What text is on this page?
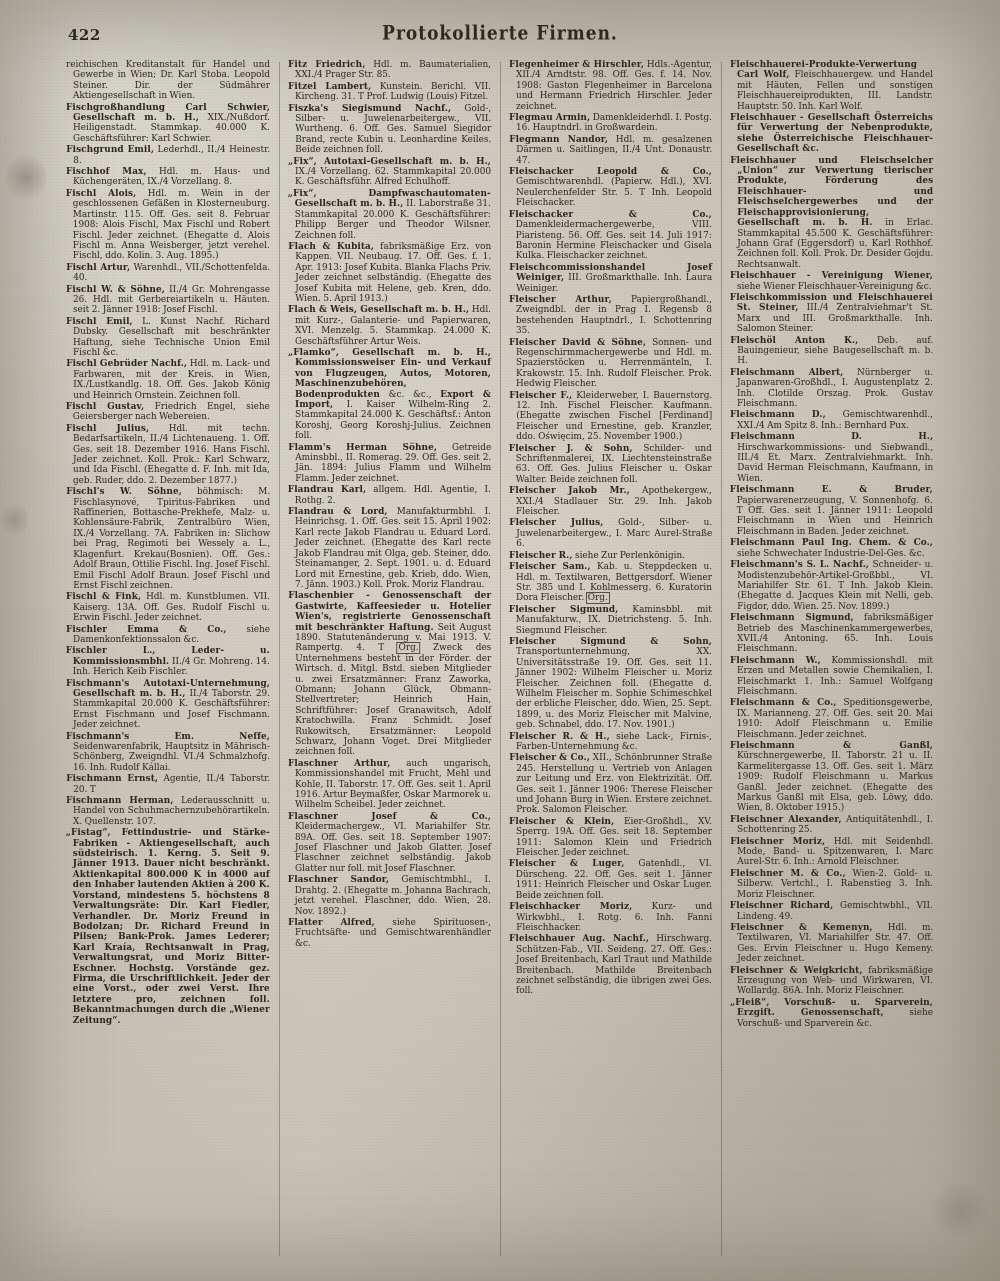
422	Protokollierte Firmen.

reichischen Kreditanstalt für Handel und Gewerbe in Wien; Dr. Karl Stoba. Leopold Steiner. Dir. der Südmährer Aktiengesellschaft in Wien.

Fischgroßhandlung Carl Schwier, Gesellschaft m. b. H., XIX./Nußdorf. Heiligenstadt. Stammkap. 40.000 K. Geschäftsführer: Karl Schwier.

Fischgrund Emil, Lederhdl., II./4 Heinestr. 8.

Fischhof Max, Hdl. m. Haus- und Küchengeräten, IX./4 Vorzellang. 8.

Fischl Alois, Hdl. m. Wein in der geschlossenen Gefäßen in Klosterneuburg. Martinstr. 115. Off. Ges. seit 8. Februar 1908: Alois Fischl, Max Fischl und Robert Fischl. Jeder zeichnet. (Ehegatte d. Alois Fischl m. Anna Weisberger, jetzt verehel. Fischl, ddo. Kolin. 3. Aug. 1895.)

Fischl Artur, Warenhdl., VII./Schottenfelda. 40.

Fischl W. & Söhne, II./4 Gr. Mohrengasse 26. Hdl. mit Gerbereiartikeln u. Häuten. seit 2. Jänner 1918: Josef Fischl.

Fischl Emil, L. Kunst Nachf. Richard Dubsky. Gesellschaft mit beschränkter Haftung, siehe Technische Union Emil Fischl &c.

Fischl Gebrüder Nachf., Hdl. m. Lack- und Farbwaren, mit der Kreis. in Wien, IX./Lustkandlg. 18. Off. Ges. Jakob König und Heinrich Ornstein. Zeichnen foll.

Fischl Gustav, Friedrich Engel, siehe Geiersberger nach Webereien.

Fischl Julius, Hdl. mit techn. Bedarfsartikeln, II./4 Lichtenaueng. 1. Off. Ges. seit 18. Dezember 1916. Hans Fischl. Jeder zeichnet. Koll. Prok.: Karl Schwarz, und Ida Fischl. (Ehegatte d. F. Inh. mit Ida, geb. Ruder, ddo. 2. Dezember 1877.)

Fischl's W. Söhne, böhmisch: M. Fischlasynové, Tpiritus-Fabriken und Raffinerien, Bottasche-Prekhefe, Malz- u. Kohlensäure-Fabrik, Zentralbüro Wien, IX./4 Vorzellang. 7A. Fabriken in: Slichow bei Prag, Regimoti bei Wessely a. L., Klagenfurt. Krekau(Bosnien). Off. Ges.: Adolf Braun, Ottilie Fischl. Ing. Josef Fischl. Emil Fischl Adolf Braun. Josef Fischl und Ernst Fischl zeichnen.

Fischl & Fink, Hdl. m. Kunstblumen. VII. Kaiserg. 13A. Off. Ges. Rudolf Fischl u. Erwin Fischl. Jeder zeichnet.

Fischler Emma & Co., siehe Damenkonfektionssalon &c.

Fischler L., Leder- u. Kommissionsmbhl. II./4 Gr. Mohreng. 14. Inh. Herich Keib Fischler.

Fischmann's Autotaxi-Unternehmung, Gesellschaft m. b. H., II./4 Taborstr. 29. Stammkapital 20.000 K. Geschäftsführer: Ernst Fischmann und Josef Fischmann. Jeder zeichnet.

Fischmann's Em. Neffe, Seidenwarenfabrik, Hauptsitz in Mährisch-Schönberg, Zweigndhl. VI./4 Schmalzhofg. 16. Inh. Rudolf Kállai.

Fischmann Ernst, Agentie, II./4 Taborstr. 20. T

Fischmann Herman, Lederausschnitt u. Handel von Schuhmachernzubehörartikeln. X. Quellenstr. 107.

„Fistag“, Fettindustrie- und Stärke-Fabriken - Aktiengesellschaft, auch südsteirisch. 1. Kerng. 5. Seit 9. Jänner 1913. Dauer nicht beschränkt. Aktienkapital 800.000 K in 4000 auf den Inhaber lautenden Aktien à 200 K. Vorstand, mindestens 5. höchstens 8 Verwaltungsräte: Dir. Karl Fiedler, Verhandler. Dr. Moriz Freund in Bodolzan; Dr. Richard Freund in Pilsen; Bank-Prok. James Lederer; Karl Kraía, Rechtsanwalt in Prag, Verwaltungsrat, und Moriz Bitter-Eschner. Hochstg. Vorstände gez. Firma, die Urschriftlichkeit. Jeder der eine Vorst., oder zwei Verst. Ihre letztere pro, zeichnen foll. Bekanntmachungen durch die „Wiener Zeitung“.

Fitz Friedrich, Hdl. m. Baumaterialien, XXI./4 Prager Str. 85.

Fitzel Lambert, Kunstein. Berichl. VII. Kircheng. 31. T Prof. Ludwig (Louis) Fitzel.

Fiszka's Siegismund Nachf., Gold-, Silber- u. Juwelenarbeitergew., VII. Wurtheng. 6. Off. Ges. Samuel Siegidor Brand, recte Kubin u. Leonhardine Keiles. Beide zeichnen foll.

„Fix“, Autotaxi-Gesellschaft m. b. H., IX./4 Vorzellang. 62. Stammkapital 20.000 K. Geschäftsführ. Alfred Echulhoff.

„Fix“, Dampfwaschautomaten-Gesellschaft m. b. H., II. Laborstraße 31. Stammkapital 20.000 K. Geschäftsführer: Philipp Berger und Theodor Wilsner. Zeichnen foll.

Flach & Kubita, fabriksmäßige Erz. von Kappen. VII. Neubaug. 17. Off. Ges. f. 1. Apr. 1913: Josef Kubita. Blanka Flachs Priv. Jeder zeichnet selbständig. (Ehegatte des Josef Kubita mit Helene, geb. Kren, ddo. Wien. 5. April 1913.)

Flach & Weis, Gesellschaft m. b. H., Hdl. mit Kurz-, Galanterie- und Papierwaren, XVI. Menzelg. 5. Stammkap. 24.000 K. Geschäftsführer Artur Weis.

„Flamko“, Gesellschaft m. b. H., Kommissionsweiser Ein- und Verkauf von Flugzeugen, Autos, Motoren, Maschinenzubehören, Bodenprodukten &c. &c., Export & Import, I. Kaiser Wilhelm-Ring 2. Stammkapital 24.000 K. Geschäftsf.: Anton Koroshj, Georg Koroshj-Julius. Zeichnen foll.

Flamm's Herman Söhne, Getreide Aminsbbl., II. Romerag. 29. Off. Ges. seit 2. Jän. 1894: Julius Flamm und Wilhelm Flamm. Jeder zeichnet.

Flandrau Karl, allgem. Hdl. Agentie, I. Rothg. 2.

Flandrau & Lord, Manufakturmbhl. I. Heinrichsg. 1. Off. Ges. seit 15. April 1902: Karl recte Jakob Flandrau u. Eduard Lord. Jeder zeichnet. (Ehegatte des Karl recte Jakob Flandrau mit Olga, geb. Steiner, ddo. Steinamanger, 2. Sept. 1901. u. d. Eduard Lord mit Ernestine, geb. Krieb, ddo. Wien, 7. Jänn. 1903.) Koll. Prok. Moriz Flandrau.

Flaschenbier - Genossenschaft der Gastwirte, Kaffeesieder u. Hotelier Wien's, registrierte Genossenschaft mit beschränkter Haftung. Seit August 1890. Statutenänderung v. Mai 1913. V. Rampertg. 4. T Org. Zweck des Unternehmens besteht in der Förder. der Wirtsch. d. Mitgl. Bstd. sieben Mitglieder u. zwei Ersatzmänner: Franz Zaworka, Obmann; Johann Glück, Obmann-Stellvertreter; Heinrich Hain, Schriftführer: Josef Granawitsch, Adolf Kratochwilla. Franz Schmidt. Josef Rukowitsch, Ersatzmänner: Leopold Schwarz, Johann Voget. Drei Mitglieder zeichnen foll.

Flaschner Arthur, auch ungarisch, Kommissionshandel mit Frucht, Mehl und Kohle, II. Taborstr. 17. Off. Ges. seit 1. April 1916. Artur Beymaßfer, Oskar Marmorek u. Wilhelm Scheibel. Jeder zeichnet.

Flaschner Josef & Co., Kleidermachergew., VI. Mariahilfer Str. 89A. Off. Ges. seit 18. September 1907: Josef Flaschner und Jakob Glatter. Josef Flaschner zeichnet selbständig. Jakob Glatter nur foll. mit Josef Flaschner.

Flaschner Sandor, Gemischtmbhl., I. Drahtg. 2. (Ehegatte m. Johanna Bachrach, jetzt verehel. Flaschner, ddo. Wien, 28. Nov. 1892.)

Flatter Alfred, siehe Spirituosen-, Fruchtsäfte- und Gemischtwarenhändler &c.

Flegenheimer & Hirschler, Hdls.-Agentur, XII./4 Arndtstr. 98. Off. Ges. f. 14. Nov. 1908: Gaston Flegenheimer in Barcelona und Hermann Friedrich Hirschler. Jeder zeichnet.

Flegmau Armin, Damenkleiderhdl. I. Postg. 16. Hauptndrl. in Großwardein.

Flegmann Nandor, Hdl. m. gesalzenen Därmen u. Saitlingen, II./4 Unt. Donaustr. 47.

Fleischacker Leopold & Co., Gemischtwarenhdl. (Papierw. Hdl.), XVI. Neulerchenfelder Str. 5. T Inh. Leopold Fleischacker.

Fleischacker & Co., Damenkleidermachergewerbe, VIII. Piaristeng. 56. Off. Ges. seit 14. Juli 1917: Baronin Hermine Fleischacker und Gisela Kulka. Fleischacker zeichnet.

Fleischcommissionshandel Josef Weiniger, III. Großmarkthalle. Inh. Laura Weiniger.

Fleischer Arthur, Papiergroßhandl., Zweigndbl. der in Prag I. Regensb 8 bestehenden Hauptndrl., I. Schottenring 35.

Fleischer David & Söhne, Sonnen- und Regenschirmmachergewerbe und Hdl. m. Spazierstöcken u. Herrenmänteln, I. Krakowstr. 15. Inh. Rudolf Fleischer. Prok. Hedwig Fleischer.

Fleischer F., Kleiderweber, I. Bauernstorg. 12. Inh. Fischel Fleischer. Kaufmann. (Ehegatte zwischen Fischel [Ferdinand] Fleischer und Ernestine, geb. Kranzler, ddo. Oświęcim, 25. November 1900.)

Fleischer J. & Sohn, Schilder- und Schriftenmalerei, IX. Liechtensteinstraße 63. Off. Ges. Julius Fleischer u. Oskar Walter. Beide zeichnen foll.

Fleischer Jakob Mr., Apothekergew., XXI./4 Stadlauer Str. 29. Inh. Jakob Fleischer.

Fleischer Julius, Gold-, Silber- u. Juwelenarbeitergew., I. Marc Aurel-Straße 6.

Fleischer R., siehe Zur Perlenkönigin.

Fleischer Sam., Kab. u. Steppdecken u. Hdl. m. Textilwaren, Bettgersdorf. Wiener Str. 385 und I. Kohlmesserg. 6. Kuratorin Dora Fleischer. Org.

Fleischer Sigmund, Kaminsbbl. mit Manufakturw., IX. Dietrichsteng. 5. Inh. Siegmund Fleischer.

Fleischer Sigmund & Sohn, Transportunternehmung, XX. Universitätsstraße 19. Off. Ges. seit 11. Jänner 1902: Wilhelm Fleischer u. Moriz Fleischer. Zeichnen foll. (Ehegatte d. Wilhelm Fleischer m. Sophie Schimeschkel der erbliche Fleischer, ddo. Wien, 25. Sept. 1899, u. des Moriz Fleischer mit Malvine, geb. Schnabel, ddo. 17. Nov. 1901.)

Fleischer R. & H., siehe Lack-, Firnis-, Farben-Unternehmung &c.

Fleischer & Co., XII., Schönbrunner Straße 245. Herstellung u. Vertrieb von Anlagen zur Leitung und Erz. von Elektrizität. Off. Ges. seit 1. Jänner 1906: Therese Fleischer und Johann Burg in Wien. Erstere zeichnet. Prok. Salomon Fleischer.

Fleischer & Klein, Eier-Großhdl., XV. Sperrg. 19A. Off. Ges. seit 18. September 1911: Salomon Klein und Friedrich Fleischer. Jeder zeichnet.

Fleischer & Luger, Gatenhdl., VI. Dürscheng. 22. Off. Ges. seit 1. Jänner 1911: Heinrich Fleischer und Oskar Luger. Beide zeichnen foll.

Fleischhacker Moriz, Kurz- und Wirkwbhl., I. Rotg. 6. Inh. Fanni Fleischhacker.

Fleischhauer Aug. Nachf., Hirschwarg. Schützen-Fab., VII. Seideng. 27. Off. Ges.: Josef Breitenbach, Karl Traut und Mathilde Breitenbach. Mathilde Breitenbach zeichnet selbständig, die übrigen zwei Ges. foll.

Fleischhauerei-Produkte-Verwertung Carl Wolf, Fleischhauergew. und Handel mit Häuten, Fellen und sonstigen Fleischhauereiprodukten, III. Landstr. Hauptstr. 50. Inh. Karl Wolf.

Fleischhauer - Gesellschaft Österreichs für Verwertung der Nebenprodukte, siehe Österreichische Fleischhauer-Gesellschaft &c.

Fleischhauer und Fleischselcher „Union“ zur Verwertung tierischer Produkte, Förderung des Fleischhauer- und Fleischselchergewerbes und der Fleischapprovisionierung, Gesellschaft m. b. H. in Erlac. Stammkapital 45.500 K. Geschäftsführer: Johann Graf (Eggersdorf) u. Karl Rothhof. Zeichnen foll. Koll. Prok. Dr. Desider Gojdu. Rechtsanwalt.

Fleischhauer - Vereinigung Wiener, siehe Wiener Fleischhauer-Vereinigung &c.

Fleischkommission und Fleischhauerei St. Steiner, III./4 Zentralviehmar't St. Marx und III. Großmarkthalle. Inh. Salomon Steiner.

Fleischöl Anton K., Deb. auf. Bauingenieur, siehe Baugesellschaft m. b. H.

Fleischmann Albert, Nürnberger u. Japanwaren-Großhdl., I. Augustenplatz 2. Inh. Clotilde Orszag. Prok. Gustav Fleischmann.

Fleischmann D., Gemischtwarenhdl., XXI./4 Am Spitz 8. Inh.: Bernhard Pux.

Fleischmann D. H., Hirschwarkommissions- und Siebwandl., III./4 Et. Marx. Zentralviehmarkt. Inh. David Herman Fleischmann, Kaufmann, in Wien.

Fleischmann E. & Bruder, Papierwarenerzeugung, V. Sonnenhofg. 6. T Off. Ges. seit 1. Jänner 1911: Leopold Fleischmann in Wien und Heinrich Fleischmann in Baden. Jeder zeichnet.

Fleischmann Paul Ing. Chem. & Co., siehe Schwechater Industrie-Del-Ges. &c.

Fleischmann's S. L. Nachf., Schneider- u. Modistenzubehör-Artikel-Großbbl., VI. Mariahilfer Str. 61. T Inh. Jakob Klein. (Ehegatte d. Jacques Klein mit Nelli, geb. Figdor, ddo. Wien. 25. Nov. 1899.)

Fleischmann Sigmund, fabriksmäßiger Betrieb des Maschinenkammergewerbes, XVII./4 Antoning. 65. Inh. Louis Fleischmann.

Fleischmann W., Kommissionshdl. mit Erzen und Metallen sowie Chemikalien, I. Fleischmarkt 1. Inh.: Samuel Wolfgang Fleischmann.

Fleischmann & Co., Speditionsgewerbe, IX. Marianneng. 27. Off. Ges. seit 20. Mai 1910: Adolf Fleischmann u. Emilie Fleischmann. Jeder zeichnet.

Fleischmann & Ganßl, Kürschnergewerbe, II. Taborstr. 21 u. II. Karmelitergasse 13. Off. Ges. seit 1. März 1909: Rudolf Fleischmann u. Markus Ganßl. Jeder zeichnet. (Ehegatte des Markus Ganßl mit Elsa, geb. Löwy, ddo. Wien, 8. Oktober 1915.)

Fleischner Alexander, Antiquitätenhdl., I. Schottenring 25.

Fleischner Moriz, Hdl. mit Seidenhdl. Mode, Band- u. Spitzenwaren, I. Marc Aurel-Str. 6. Inh.: Arnold Fleischner.

Fleischner M. & Co., Wien-2. Gold- u. Silberw. Vertchl., I. Rabenstieg 3. Inh. Moriz Fleischner.

Fleischner Richard, Gemischtwbhl., VII. Lindeng. 49.

Fleischner & Kemenyn, Hdl. m. Textilwaren, VI. Mariahilfer Str. 47. Off. Ges. Ervin Fleischner u. Hugo Kemeny. Jeder zeichnet.

Fleischner & Weigkricht, fabriksmäßige Erzeugung von Web- und Wirkwaren, VI. Wollardg. 86A. Inh. Moriz Fleischner.

„Fleiß“, Vorschuß- u. Sparverein, Erzgift. Genossenschaft, siehe Vorschuß- und Sparverein &c.
